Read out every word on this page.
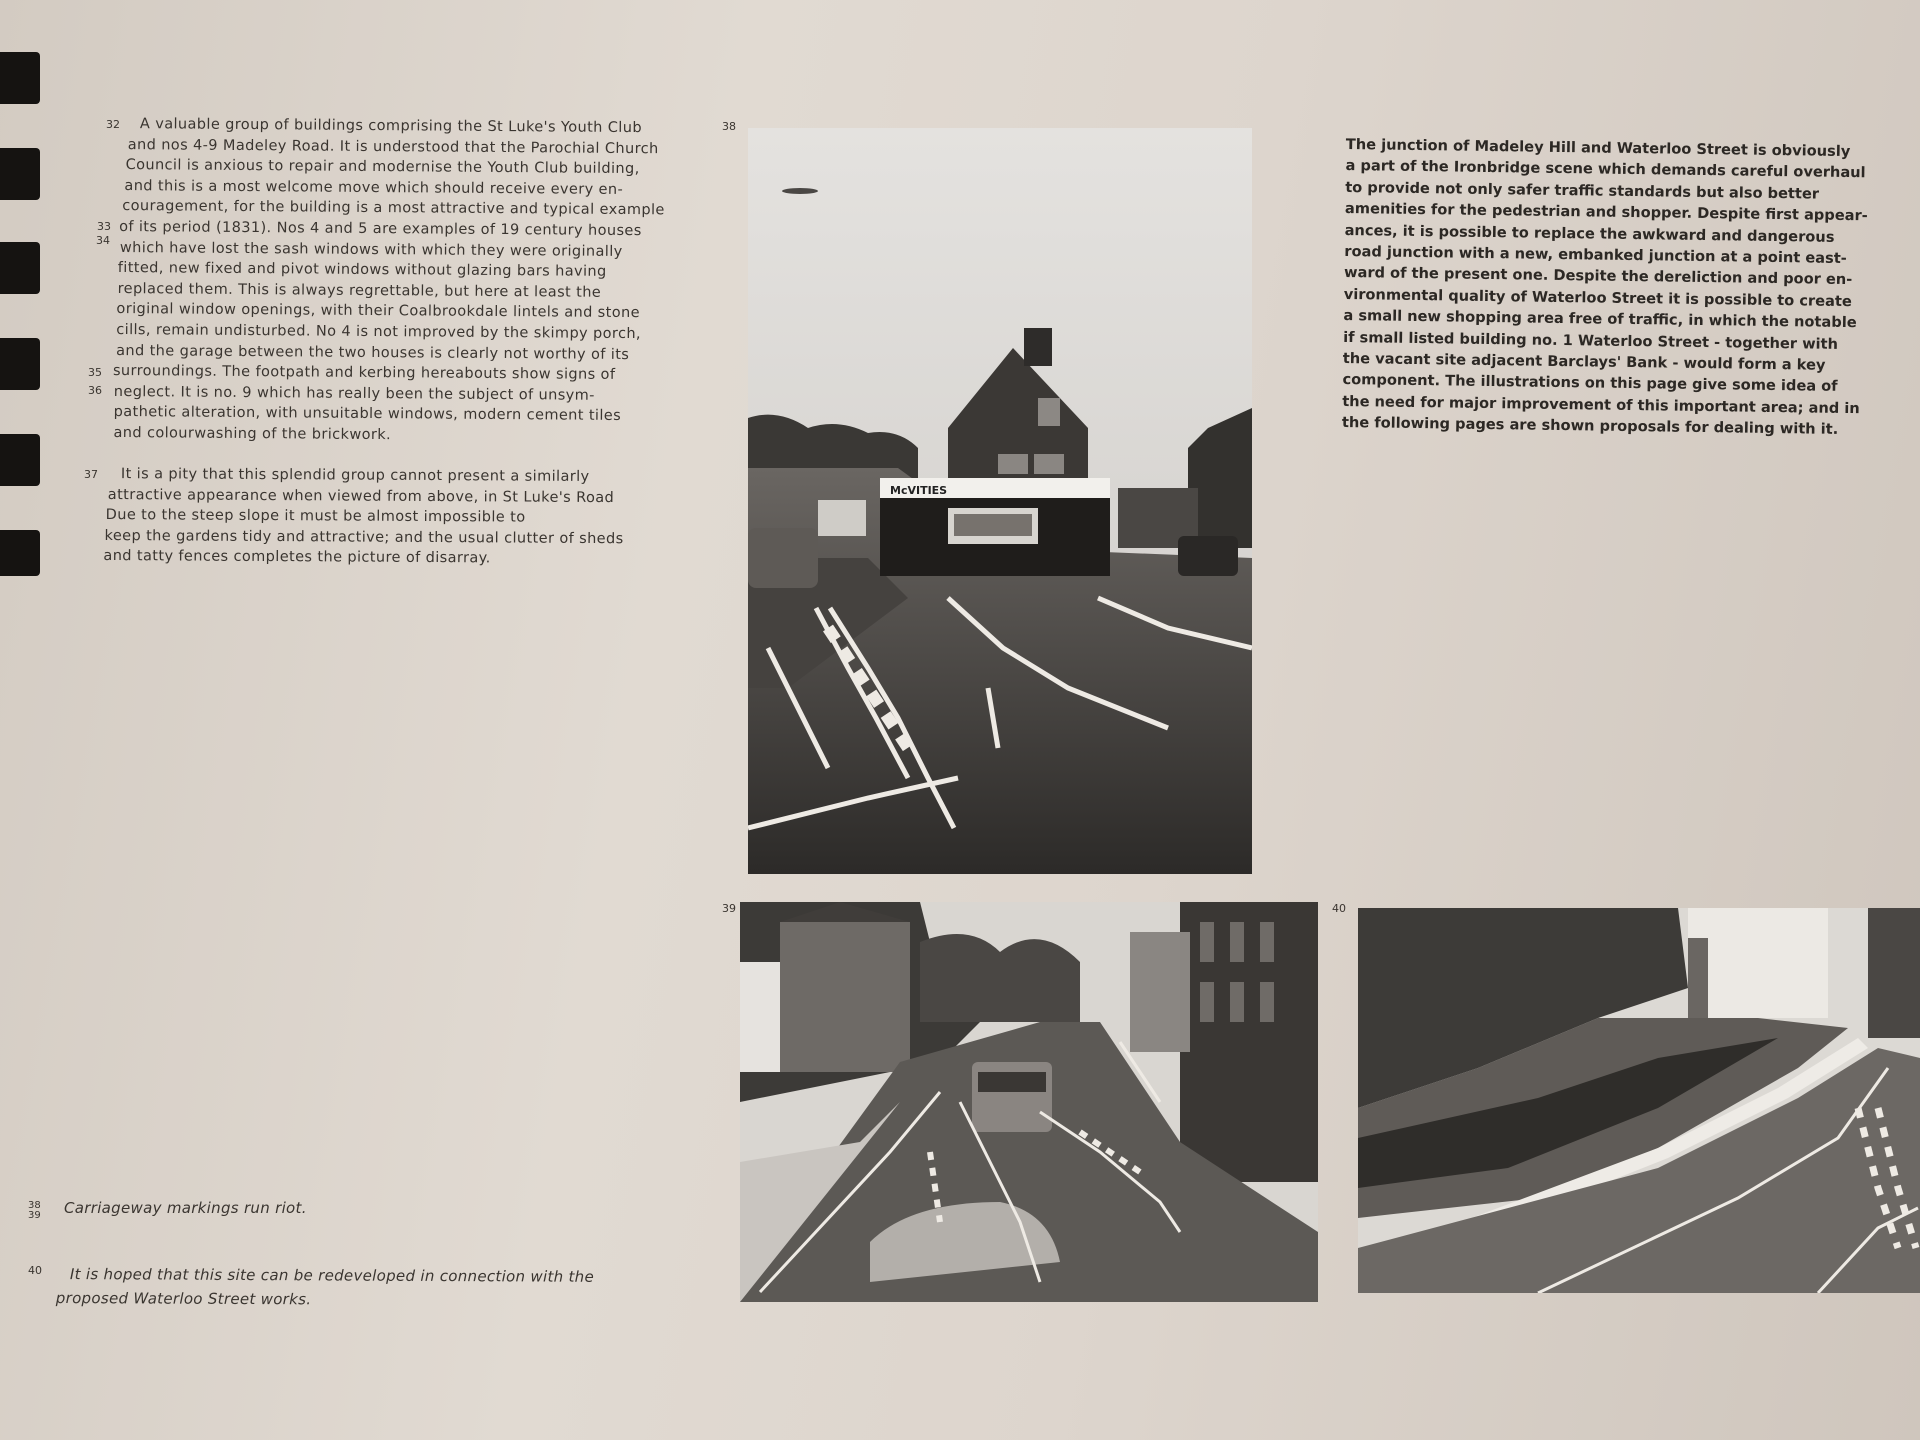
32
33
34
35
36
A valuable group of buildings comprising the St Luke's Youth Club
and nos 4-9 Madeley Road. It is understood that the Parochial Church
Council is anxious to repair and modernise the Youth Club building,
and this is a most welcome move which should receive every en-
couragement, for the building is a most attractive and typical example
of its period (1831). Nos 4 and 5 are examples of 19 century houses
which have lost the sash windows with which they were originally
fitted, new fixed and pivot windows without glazing bars having
replaced them. This is always regrettable, but here at least the
original window openings, with their Coalbrookdale lintels and stone
cills, remain undisturbed. No 4 is not improved by the skimpy porch,
and the garage between the two houses is clearly not worthy of its
surroundings. The footpath and kerbing hereabouts show signs of
neglect. It is no. 9 which has really been the subject of unsym-
pathetic alteration, with unsuitable windows, modern cement tiles
and colourwashing of the brickwork.
37	It is a pity that this splendid group cannot present a similarly
attractive appearance when viewed from above, in St Luke's Road
Due to the steep slope it must be almost impossible to
keep the gardens tidy and attractive; and the usual clutter of sheds
and tatty fences completes the picture of disarray.
The junction of Madeley Hill and Waterloo Street is obviously
a part of the Ironbridge scene which demands careful overhaul
to provide not only safer traffic standards but also better
amenities for the pedestrian and shopper. Despite first appear-
ances, it is possible to replace the awkward and dangerous
road junction with a new, embanked junction at a point east-
ward of the present one. Despite the dereliction and poor en-
vironmental quality of Waterloo Street it is possible to create
a small new shopping area free of traffic, in which the notable
if small listed building no. 1 Waterloo Street - together with
the vacant site adjacent Barclays' Bank - would form a key
component. The illustrations on this page give some idea of
the need for major improvement of this important area; and in
the following pages are shown proposals for dealing with it.
38
McVITIES
39	40
38
39 Carriageway markings run riot.
40	It is hoped that this site can be redeveloped in connection with the
proposed Waterloo Street works.
